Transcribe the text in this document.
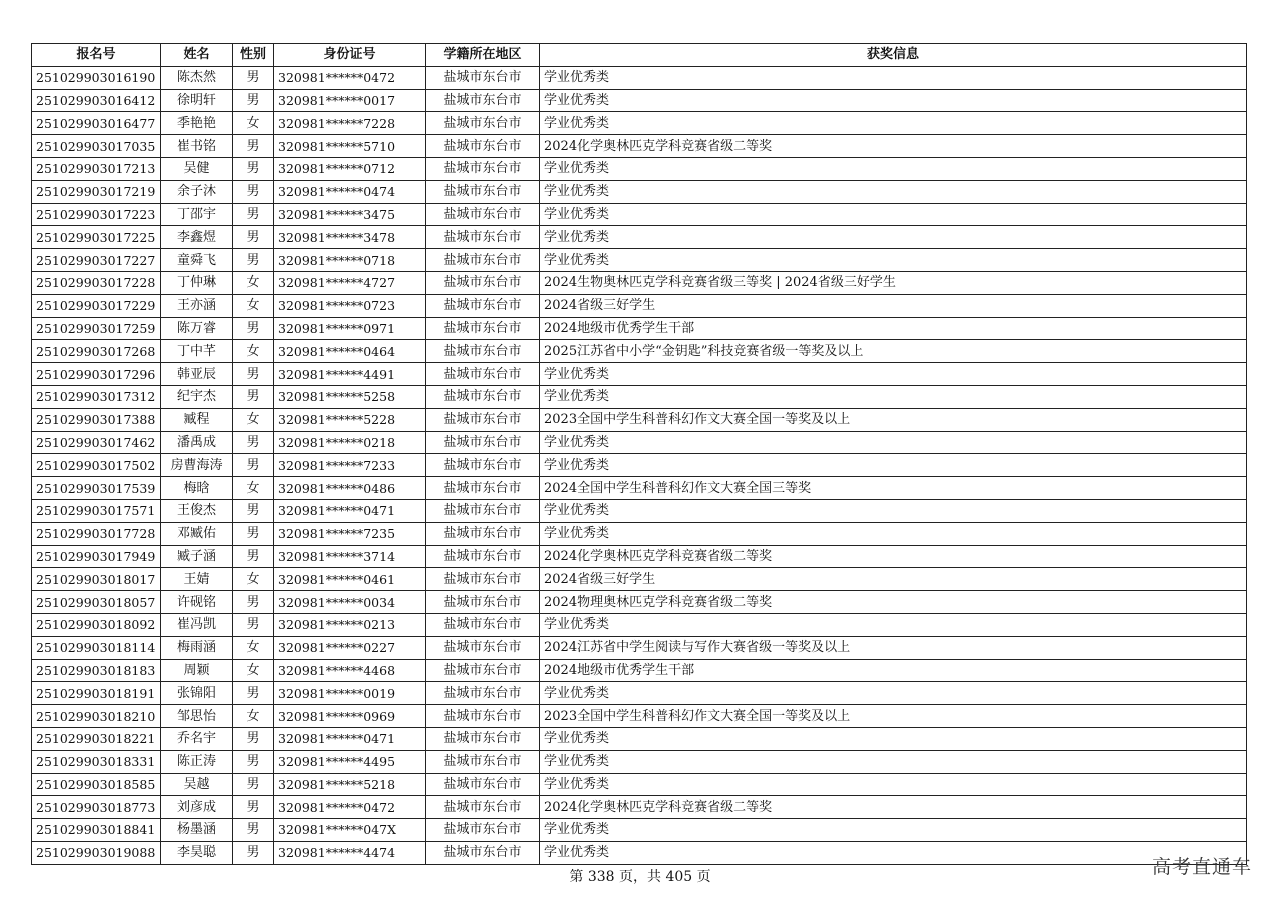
报名号	姓名	性别	身份证号	学籍所在地区	获奖信息
251029903016190	陈杰然	男	320981******0472	盐城市东台市	学业优秀类
251029903016412	徐明轩	男	320981******0017	盐城市东台市	学业优秀类
251029903016477	季艳艳	女	320981******7228	盐城市东台市	学业优秀类
251029903017035	崔书铭	男	320981******5710	盐城市东台市	2024化学奥林匹克学科竞赛省级二等奖
251029903017213	吴健	男	320981******0712	盐城市东台市	学业优秀类
251029903017219	余子沐	男	320981******0474	盐城市东台市	学业优秀类
251029903017223	丁邵宇	男	320981******3475	盐城市东台市	学业优秀类
251029903017225	李鑫煜	男	320981******3478	盐城市东台市	学业优秀类
251029903017227	童舜飞	男	320981******0718	盐城市东台市	学业优秀类
251029903017228	丁仲琳	女	320981******4727	盐城市东台市	2024生物奥林匹克学科竞赛省级三等奖 | 2024省级三好学生
251029903017229	王亦涵	女	320981******0723	盐城市东台市	2024省级三好学生
251029903017259	陈万睿	男	320981******0971	盐城市东台市	2024地级市优秀学生干部
251029903017268	丁中芊	女	320981******0464	盐城市东台市	2025江苏省中小学“金钥匙”科技竞赛省级一等奖及以上
251029903017296	韩亚辰	男	320981******4491	盐城市东台市	学业优秀类
251029903017312	纪宇杰	男	320981******5258	盐城市东台市	学业优秀类
251029903017388	臧程	女	320981******5228	盐城市东台市	2023全国中学生科普科幻作文大赛全国一等奖及以上
251029903017462	潘禹成	男	320981******0218	盐城市东台市	学业优秀类
251029903017502	房曹海涛	男	320981******7233	盐城市东台市	学业优秀类
251029903017539	梅晗	女	320981******0486	盐城市东台市	2024全国中学生科普科幻作文大赛全国三等奖
251029903017571	王俊杰	男	320981******0471	盐城市东台市	学业优秀类
251029903017728	邓臧佑	男	320981******7235	盐城市东台市	学业优秀类
251029903017949	臧子涵	男	320981******3714	盐城市东台市	2024化学奥林匹克学科竞赛省级二等奖
251029903018017	王婧	女	320981******0461	盐城市东台市	2024省级三好学生
251029903018057	许砚铭	男	320981******0034	盐城市东台市	2024物理奥林匹克学科竞赛省级二等奖
251029903018092	崔冯凯	男	320981******0213	盐城市东台市	学业优秀类
251029903018114	梅雨涵	女	320981******0227	盐城市东台市	2024江苏省中学生阅读与写作大赛省级一等奖及以上
251029903018183	周颖	女	320981******4468	盐城市东台市	2024地级市优秀学生干部
251029903018191	张锦阳	男	320981******0019	盐城市东台市	学业优秀类
251029903018210	邹思怡	女	320981******0969	盐城市东台市	2023全国中学生科普科幻作文大赛全国一等奖及以上
251029903018221	乔名宇	男	320981******0471	盐城市东台市	学业优秀类
251029903018331	陈正涛	男	320981******4495	盐城市东台市	学业优秀类
251029903018585	吴越	男	320981******5218	盐城市东台市	学业优秀类
251029903018773	刘彦成	男	320981******0472	盐城市东台市	2024化学奥林匹克学科竞赛省级二等奖
251029903018841	杨墨涵	男	320981******047X	盐城市东台市	学业优秀类
251029903019088	李昊聪	男	320981******4474	盐城市东台市	学业优秀类
第 338 页，共 405 页	高考直通车
